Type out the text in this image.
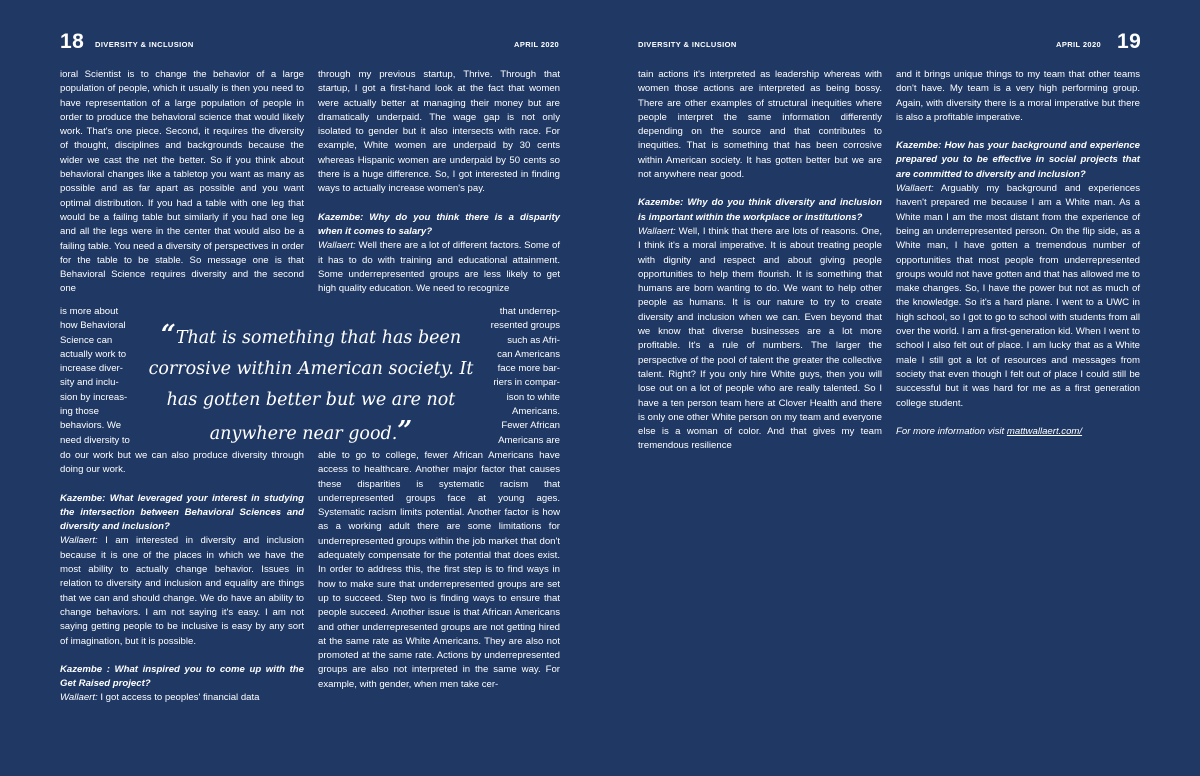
18 DIVERSITY & INCLUSION	APRIL 2020	DIVERSITY & INCLUSION	APRIL 2020 19

ioral Scientist is to change the behavior of a large population of people, which it usually is then you need to have representation of a large population of people in order to produce the behavioral science that would likely work. That's one piece. Second, it requires the diversity of thought, disciplines and backgrounds because the wider we cast the net the better. So if you think about behavioral changes like a tabletop you want as many as possible and as far apart as possible and you want optimal distribution. If you had a table with one leg that would be a failing table but similarly if you had one leg and all the legs were in the center that would also be a failing table. You need a diversity of perspectives in order for the table to be stable. So message one is that Behavioral Science requires diversity and the second one

is more about
how Behavioral
Science can
actually work to
increase diver-
sity and inclu-
sion by increas-
ing those
behaviors. We
need diversity to

do our work but we can also produce diversity through doing our work.

Kazembe: What leveraged your interest in studying the intersection between Behavioral Sciences and diversity and inclusion?

Wallaert: I am interested in diversity and inclusion because it is one of the places in which we have the most ability to actually change behavior. Issues in relation to diversity and inclusion and equality are things that we can and should change. We do have an ability to change behaviors. I am not saying it's easy. I am not saying getting people to be inclusive is easy by any sort of imagination, but it is possible.

Kazembe : What inspired you to come up with the Get Raised project?

Wallaert: I got access to peoples' financial data

through my previous startup, Thrive. Through that startup, I got a first-hand look at the fact that women were actually better at managing their money but are dramatically underpaid. The wage gap is not only isolated to gender but it also intersects with race. For example, White women are underpaid by 30 cents whereas Hispanic women are underpaid by 50 cents so there is a huge difference. So, I got interested in finding ways to actually increase women's pay.

Kazembe: Why do you think there is a disparity when it comes to salary?

Wallaert: Well there are a lot of different factors. Some of it has to do with training and educational attainment. Some underrepresented groups are less likely to get high quality education. We need to recognize

that underrep-
resented groups
such as Afri-
can Americans
face more bar-
riers in compar-
ison to white
Americans.
Fewer African
Americans are

able to go to college, fewer African Americans have access to healthcare. Another major factor that causes these disparities is systematic racism that underrepresented groups face at young ages. Systematic racism limits potential. Another factor is how as a working adult there are some limitations for underrepresented groups within the job market that don't adequately compensate for the potential that does exist. In order to address this, the first step is to find ways in how to make sure that underrepresented groups are set up to succeed. Step two is finding ways to ensure that people succeed. Another issue is that African Americans and other underrepresented groups are not getting hired at the same rate as White Americans. They are also not promoted at the same rate. Actions by underrepresented groups are also not interpreted in the same way. For example, with gender, when men take cer-

“That is something that has been corrosive within American society. It has gotten better but we are not anywhere near good.”

tain actions it's interpreted as leadership whereas with women those actions are interpreted as being bossy. There are other examples of structural inequities where people interpret the same information differently depending on the source and that contributes to inequities. That is something that has been corrosive within American society. It has gotten better but we are not anywhere near good.

Kazembe: Why do you think diversity and inclusion is important within the workplace or institutions?

Wallaert: Well, I think that there are lots of reasons. One, I think it's a moral imperative. It is about treating people with dignity and respect and about giving people opportunities to help them flourish. It is something that humans are born wanting to do. We want to help other people as humans. It is our nature to try to create diversity and inclusion when we can. Even beyond that we know that diverse businesses are a lot more profitable. It's a rule of numbers. The larger the perspective of the pool of talent the greater the collective talent. Right? If you only hire White guys, then you will lose out on a lot of people who are really talented. So I have a ten person team here at Clover Health and there is only one other White person on my team and everyone else is a woman of color. And that gives my team tremendous resilience

and it brings unique things to my team that other teams don't have. My team is a very high performing group. Again, with diversity there is a moral imperative but there is also a profitable imperative.

Kazembe: How has your background and experience prepared you to be effective in social projects that are committed to diversity and inclusion?

Wallaert: Arguably my background and experiences haven't prepared me because I am a White man. As a White man I am the most distant from the experience of being an underrepresented person. On the flip side, as a White man, I have gotten a tremendous number of opportunities that most people from underrepresented groups would not have gotten and that has allowed me to make changes. So, I have the power but not as much of the knowledge. So it's a hard plane. I went to a UWC in high school, so I got to go to school with students from all over the world. I am a first-generation kid. When I went to school I also felt out of place. I am lucky that as a White male I still got a lot of resources and messages from society that even though I felt out of place I could still be successful but it was hard for me as a first generation college student.

For more information visit mattwallaert.com/
